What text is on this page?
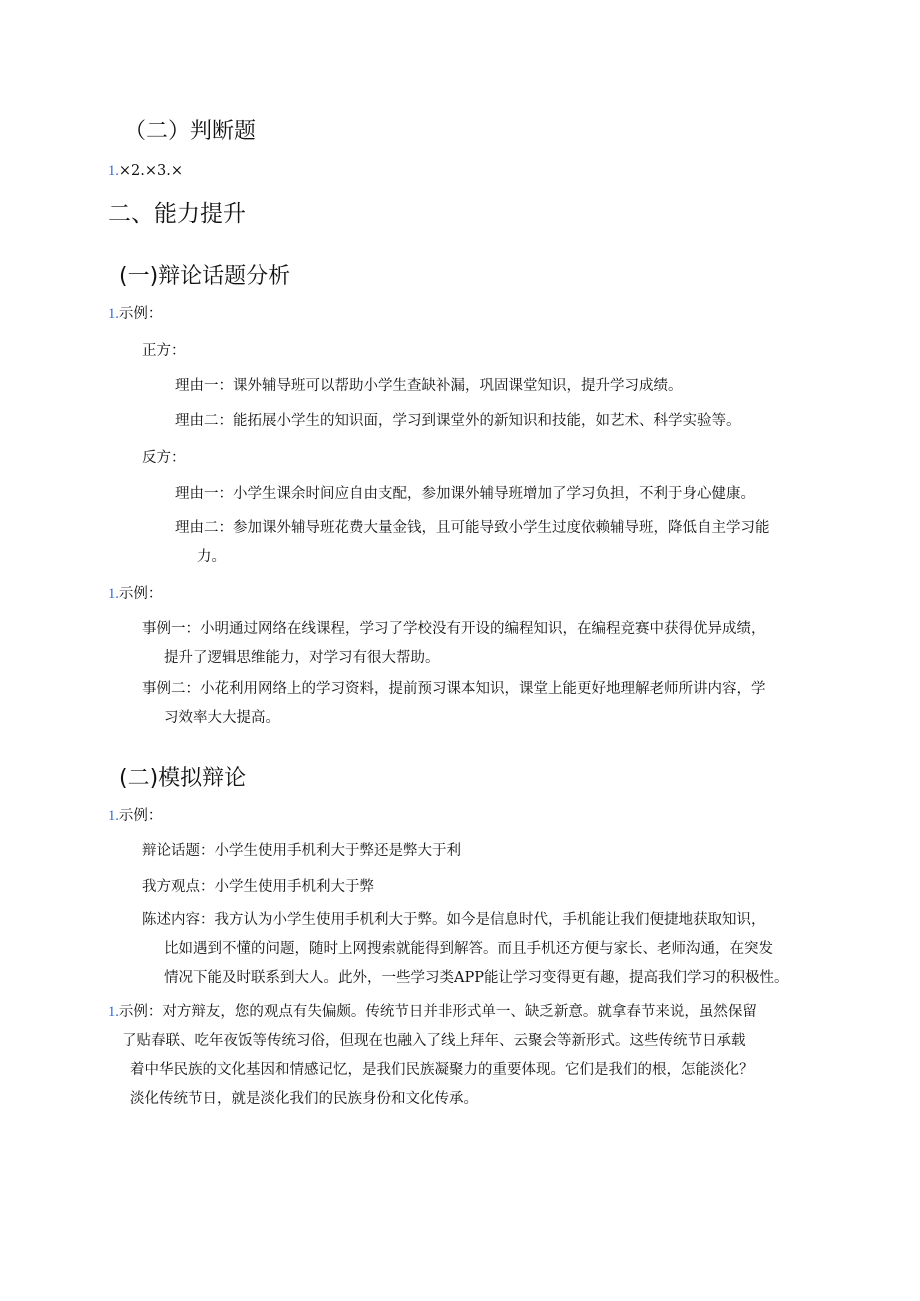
（二）判断题
1.×2.×3.×
二、能力提升
(一)辩论话题分析
1.示例：
正方：
理由一：课外辅导班可以帮助小学生查缺补漏，巩固课堂知识，提升学习成绩。
理由二：能拓展小学生的知识面，学习到课堂外的新知识和技能，如艺术、科学实验等。
反方：
理由一：小学生课余时间应自由支配，参加课外辅导班增加了学习负担，不利于身心健康。
理由二：参加课外辅导班花费大量金钱，且可能导致小学生过度依赖辅导班，降低自主学习能
力。
1.示例：
事例一：小明通过网络在线课程，学习了学校没有开设的编程知识，在编程竞赛中获得优异成绩，
提升了逻辑思维能力，对学习有很大帮助。
事例二：小花利用网络上的学习资料，提前预习课本知识，课堂上能更好地理解老师所讲内容，学
习效率大大提高。
(二)模拟辩论
1.示例：
辩论话题：小学生使用手机利大于弊还是弊大于利
我方观点：小学生使用手机利大于弊
陈述内容：我方认为小学生使用手机利大于弊。如今是信息时代，手机能让我们便捷地获取知识，
比如遇到不懂的问题，随时上网搜索就能得到解答。而且手机还方便与家长、老师沟通，在突发
情况下能及时联系到大人。此外，一些学习类APP能让学习变得更有趣，提高我们学习的积极性。
1.示例：对方辩友，您的观点有失偏颇。传统节日并非形式单一、缺乏新意。就拿春节来说，虽然保留
了贴春联、吃年夜饭等传统习俗，但现在也融入了线上拜年、云聚会等新形式。这些传统节日承载
着中华民族的文化基因和情感记忆，是我们民族凝聚力的重要体现。它们是我们的根，怎能淡化？
淡化传统节日，就是淡化我们的民族身份和文化传承。
